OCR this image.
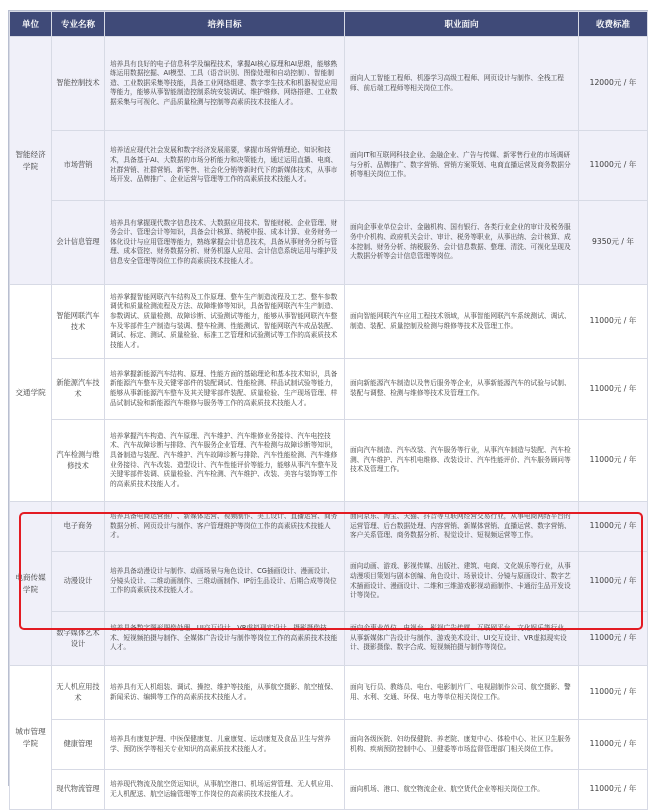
单位	专业名称	培养目标	职业面向	收费标准
智能经济学院	智能控制技术	培养具有良好的电子信息科学及编程技术，掌握AI核心原理和AI思维，能够熟练运用数据挖掘、AI模型、工具（语音识别、图像处理和自动控制）、智能制造、工业数据采集等技能，具备工业网络组建、数字孪生技术和机器视觉应用等能力，能够从事智能制造控制系统安装调试、维护维修、网络搭建、工业数据采集与可视化、产品质量检测与控制等高素质技术技能人才。	面向人工智能工程师、机器学习高级工程师、网页设计与制作、全栈工程师、前后端工程师等相关岗位工作。	12000元 / 年
	市场营销	培养适应现代社会发展和数字经济发展需要，掌握市场营销理论、知识和技术，具备基于AI、大数据的市场分析能力和决策能力，通过运用直播、电商、社群营销、社群营销、新零售、社会化分销等新时代下的新媒体技术，从事市场开发、品牌推广、企业运营与管理等工作的高素质技术技能人才。	面向IT和互联网科技企业、金融企业、广告与传媒、新零售行业的市场调研与分析、品牌推广、数字营销、营销方案策划、电商直播运营及商务数据分析等相关岗位工作。	11000元 / 年
	会计信息管理	培养具有掌握现代数字信息技术、大数据应用技术、智能财税、企业管理、财务会计、管理会计等知识，具备会计核算、纳税申报、成本计算、业务财务一体化设计与应用管理等能力，熟练掌握会计信息技术，具备从事财务分析与管理、成本管控、财务数据分析、财务机器人应用、会计信息系统运用与维护及信息安全管理等岗位工作的高素质技术技能人才。	面向企事业单位会计、金融机构、国有银行、各类行业企业的审计及税务服务中介机构、政府机关会计、审计、税务等职业，从事出纳、会计核算、成本控制、财务分析、纳税服务、会计信息数据、整理、清洗、可视化呈现及大数据分析等会计信息管理等岗位。	9350元 / 年
交通学院	智能网联汽车技术	培养掌握智能网联汽车结构及工作原理、整车生产制造流程及工艺、整车参数调优和质量检测流程及方法、故障维修等知识，具备智能网联汽车生产制造、参数调试、质量检测、故障诊断、试验测试等能力，能够从事智能网联汽车整车及零部件生产制造与装调、整车检测、性能测试、智能网联汽车成品装配、调试、标定、测试、质量检验、标准工艺管理和试验测试等工作的高素质技术技能人才。	面向智能网联汽车应用工程技术领域，从事智能网联汽车系统测试、调试、制造、装配、质量控制及检测与维修等技术及管理工作。	11000元 / 年
	新能源汽车技术	培养掌握新能源汽车结构、原理、性能方面的基础理论和基本技术知识，具备新能源汽车整车及关键零部件的装配调试、性能检测、样品试制试验等能力，能够从事新能源汽车整车及其关键零部件装配、质量检验、生产现场管理、样品试制试验和新能源汽车维修与服务等工作的高素质技术技能人才。	面向新能源汽车制造以及售后服务等企业，从事新能源汽车的试验与试制、装配与调整、检测与维修等技术及管理工作。	11000元 / 年
	汽车检测与维修技术	培养掌握汽车构造、汽车原理、汽车维护、汽车维修业务接待、汽车电控技术、汽车故障诊断与排除、汽车服务企业管理、汽车检测与故障诊断等知识，具备制造与装配、汽车维护、汽车故障诊断与排除、汽车性能检测、汽车维修业务接待、汽车改装、造型设计、汽车性能评价等能力，能够从事汽车整车及关键零部件装调、质量检验、汽车检测、汽车维护、改装、美容与装饰等工作的高素质技术技能人才。	面向汽车制造、汽车改装、汽车服务等行业，从事汽车制造与装配、汽车检测、汽车维护、汽车机电维修、改装设计、汽车性能评价、汽车服务顾问等技术及管理工作。	11000元 / 年
电商传媒学院	电子商务	培养具备电商运营推广、新媒体运营、视频制作、美工设计、直播运营、商务数据分析、网页设计与制作、客户管理维护等岗位工作的高素质技术技能人才。	面向京东、淘宝、天猫、抖音等互联网经营交易行业，从事电商网络平台的运营管理、后台数据处理、内容营销、新媒体营销、直播运营、数字营销、客户关系管理、商务数据分析、视觉设计、短视频运营等工作。	11000元 / 年
	动漫设计	培养具备动漫设计与制作、动画场景与角色设计、CG插画设计、漫画设计、分镜头设计、二维动画制作、三维动画制作、IP衍生品设计、后期合成等岗位工作的高素质技术技能人才。	面向动画、游戏、影视传媒、出版社、建筑、电商、文化娱乐等行业，从事动漫项目策划与剧本创编、角色设计、场景设计、分镜与原画设计、数字艺术插画设计、漫画设计、二维和三维游戏影视动画制作、卡通衍生品开发设计等岗位。	11000元 / 年
	数字媒体艺术设计	培养具备数字图形图像处理、UI交互设计、VR虚拟现实设计、摄影摄像技术、短视频拍摄与制作、全媒体广告设计与制作等岗位工作的高素质技术技能人才。	面向企事业单位、电视台、影视广告传媒、互联网平台、文化娱乐等行业，从事新媒体广告设计与制作、游戏美术设计、UI交互设计、VR虚拟现实设计、摄影摄像、数字合成、短视频拍摄与制作等岗位。	11000元 / 年
城市管理学院	无人机应用技术	培养具有无人机组装、调试、操控、维护等技能，从事航空摄影、航空植保、新闻采访、编辑等工作的高素质技术技能人才。	面向飞行员、教练员、电台、电影制片厂、电视剧制作公司、航空摄影、警用、水利、交通、环保、电力等单位相关岗位工作。	11000元 / 年
	健康管理	培养具有康复护理、中医保健康复、儿童康复、运动康复及食品卫生与营养学、预防医学等相关专业知识的高素质技术技能人才。	面向各级医院、妇幼保健院、养老院、康复中心、体检中心、社区卫生服务机构、疾病预防控制中心、卫健委等市场监督管理部门相关岗位工作。	11000元 / 年
	现代物流管理	培养现代物流及航空货运知识，从事航空港口、机场运营管理、无人机应用、无人机配送、航空运输管理等工作岗位的高素质技术技能人才。	面向机场、港口、航空物流企业、航空货代企业等相关岗位工作。	11000元 / 年
